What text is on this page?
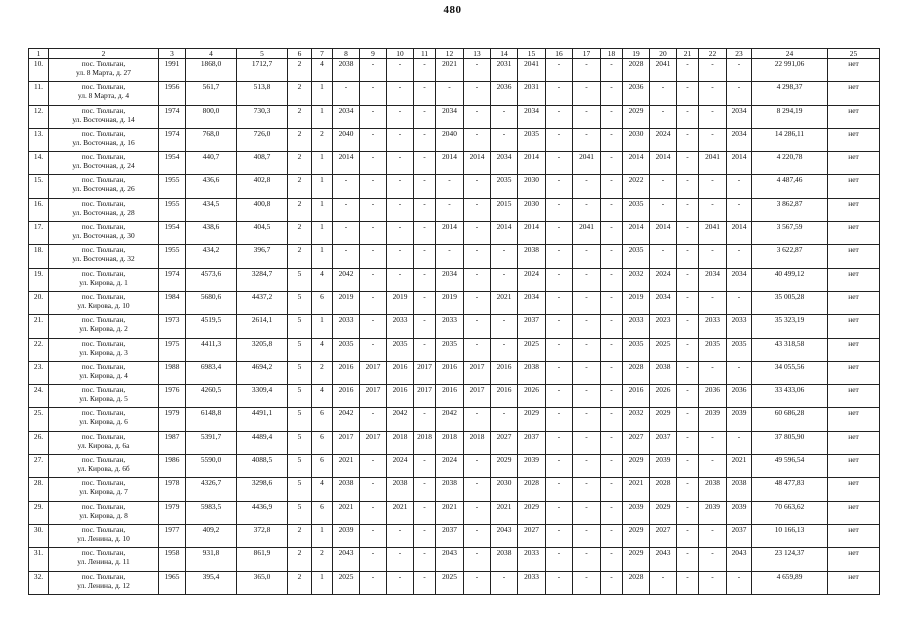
480
1	2	3	4	5	6	7	8	9	10	11	12	13	14	15	16	17	18	19	20	21	22	23	24	25
10.	пос. Тюльган,
ул. 8 Марта, д. 27	1991	1868,0	1712,7	2	4	2038	-	-	-	2021	-	2031	2041	-	-	-	2028	2041	-	-	-	22 991,06	нет
11.	пос. Тюльган,
ул. 8 Марта, д. 4	1956	561,7	513,8	2	1	-	-	-	-	-	-	2036	2031	-	-	-	2036	-	-	-	-	4 298,37	нет
12.	пос. Тюльган,
ул. Восточная, д. 14	1974	800,0	730,3	2	1	2034	-	-	-	2034	-	-	2034	-	-	-	2029	-	-	-	2034	8 294,19	нет
13.	пос. Тюльган,
ул. Восточная, д. 16	1974	768,0	726,0	2	2	2040	-	-	-	2040	-	-	2035	-	-	-	2030	2024	-	-	2034	14 286,11	нет
14.	пос. Тюльган,
ул. Восточная, д. 24	1954	440,7	408,7	2	1	2014	-	-	-	2014	2014	2034	2014	-	2041	-	2014	2014	-	2041	2014	4 220,78	нет
15.	пос. Тюльган,
ул. Восточная, д. 26	1955	436,6	402,8	2	1	-	-	-	-	-	-	2035	2030	-	-	-	2022	-	-	-	-	4 487,46	нет
16.	пос. Тюльган,
ул. Восточная, д. 28	1955	434,5	400,8	2	1	-	-	-	-	-	-	2015	2030	-	-	-	2035	-	-	-	-	3 862,87	нет
17.	пос. Тюльган,
ул. Восточная, д. 30	1954	438,6	404,5	2	1	-	-	-	-	2014	-	2014	2014	-	2041	-	2014	2014	-	2041	2014	3 567,59	нет
18.	пос. Тюльган,
ул. Восточная, д. 32	1955	434,2	396,7	2	1	-	-	-	-	-	-	-	2038	-	-	-	2035	-	-	-	-	3 622,87	нет
19.	пос. Тюльган,
ул. Кирова, д. 1	1974	4573,6	3284,7	5	4	2042	-	-	-	2034	-	-	2024	-	-	-	2032	2024	-	2034	2034	40 499,12	нет
20.	пос. Тюльган,
ул. Кирова, д. 10	1984	5680,6	4437,2	5	6	2019	-	2019	-	2019	-	2021	2034	-	-	-	2019	2034	-	-	-	35 005,28	нет
21.	пос. Тюльган,
ул. Кирова, д. 2	1973	4519,5	2614,1	5	1	2033	-	2033	-	2033	-	-	2037	-	-	-	2033	2023	-	2033	2033	35 323,19	нет
22.	пос. Тюльган,
ул. Кирова, д. 3	1975	4411,3	3205,8	5	4	2035	-	2035	-	2035	-	-	2025	-	-	-	2035	2025	-	2035	2035	43 318,58	нет
23.	пос. Тюльган,
ул. Кирова, д. 4	1988	6983,4	4694,2	5	2	2016	2017	2016	2017	2016	2017	2016	2038	-	-	-	2028	2038	-	-	-	34 055,56	нет
24.	пос. Тюльган,
ул. Кирова, д. 5	1976	4260,5	3309,4	5	4	2016	2017	2016	2017	2016	2017	2016	2026	-	-	-	2016	2026	-	2036	2036	33 433,06	нет
25.	пос. Тюльган,
ул. Кирова, д. 6	1979	6148,8	4491,1	5	6	2042	-	2042	-	2042	-	-	2029	-	-	-	2032	2029	-	2039	2039	60 686,28	нет
26.	пос. Тюльган,
ул. Кирова, д. 6а	1987	5391,7	4489,4	5	6	2017	2017	2018	2018	2018	2018	2027	2037	-	-	-	2027	2037	-	-	-	37 805,90	нет
27.	пос. Тюльган,
ул. Кирова, д. 6б	1986	5590,0	4088,5	5	6	2021	-	2024	-	2024	-	2029	2039	-	-	-	2029	2039	-	-	2021	49 596,54	нет
28.	пос. Тюльган,
ул. Кирова, д. 7	1978	4326,7	3298,6	5	4	2038	-	2038	-	2038	-	2030	2028	-	-	-	2021	2028	-	2038	2038	48 477,83	нет
29.	пос. Тюльган,
ул. Кирова, д. 8	1979	5983,5	4436,9	5	6	2021	-	2021	-	2021	-	2021	2029	-	-	-	2039	2029	-	2039	2039	70 663,62	нет
30.	пос. Тюльган,
ул. Ленина, д. 10	1977	409,2	372,8	2	1	2039	-	-	-	2037	-	2043	2027	-	-	-	2029	2027	-	-	2037	10 166,13	нет
31.	пос. Тюльган,
ул. Ленина, д. 11	1958	931,8	861,9	2	2	2043	-	-	-	2043	-	2038	2033	-	-	-	2029	2043	-	-	2043	23 124,37	нет
32.	пос. Тюльган,
ул. Ленина, д. 12	1965	395,4	365,0	2	1	2025	-	-	-	2025	-	-	2033	-	-	-	2028	-	-	-	-	4 659,89	нет
